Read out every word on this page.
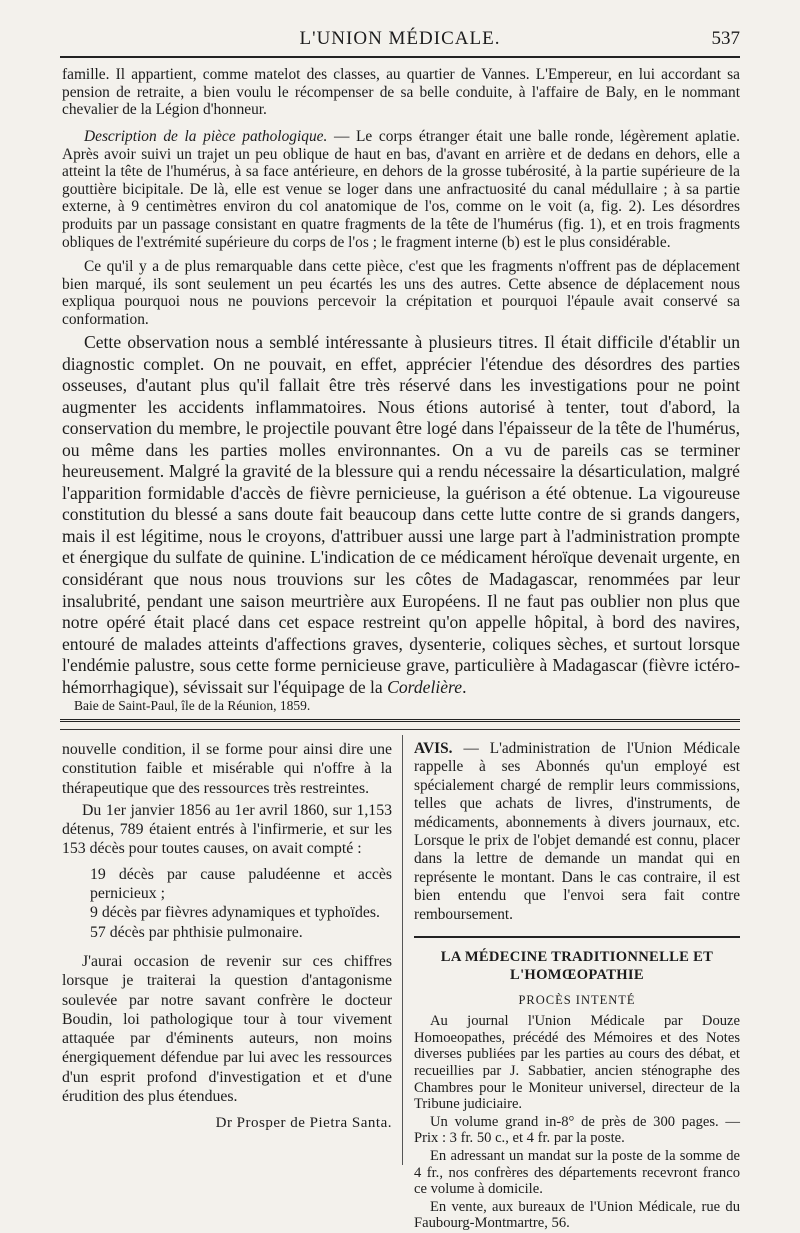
L'UNION MÉDICALE.	537

famille. Il appartient, comme matelot des classes, au quartier de Vannes. L'Empereur, en lui accordant sa pension de retraite, a bien voulu le récompenser de sa belle conduite, à l'affaire de Baly, en le nommant chevalier de la Légion d'honneur.

Description de la pièce pathologique. — Le corps étranger était une balle ronde, légèrement aplatie. Après avoir suivi un trajet un peu oblique de haut en bas, d'avant en arrière et de dedans en dehors, elle a atteint la tête de l'humérus, à sa face antérieure, en dehors de la grosse tubérosité, à la partie supérieure de la gouttière bicipitale. De là, elle est venue se loger dans une anfractuosité du canal médullaire ; à sa partie externe, à 9 centimètres environ du col anatomique de l'os, comme on le voit (a, fig. 2). Les désordres produits par un passage consistant en quatre fragments de la tête de l'humérus (fig. 1), et en trois fragments obliques de l'extrémité supérieure du corps de l'os ; le fragment interne (b) est le plus considérable.

Ce qu'il y a de plus remarquable dans cette pièce, c'est que les fragments n'offrent pas de déplacement bien marqué, ils sont seulement un peu écartés les uns des autres. Cette absence de déplacement nous expliqua pourquoi nous ne pouvions percevoir la crépitation et pourquoi l'épaule avait conservé sa conformation.

Cette observation nous a semblé intéressante à plusieurs titres. Il était difficile d'établir un diagnostic complet. On ne pouvait, en effet, apprécier l'étendue des désordres des parties osseuses, d'autant plus qu'il fallait être très réservé dans les investigations pour ne point augmenter les accidents inflammatoires. Nous étions autorisé à tenter, tout d'abord, la conservation du membre, le projectile pouvant être logé dans l'épaisseur de la tête de l'humérus, ou même dans les parties molles environnantes. On a vu de pareils cas se terminer heureusement. Malgré la gravité de la blessure qui a rendu nécessaire la désarticulation, malgré l'apparition formidable d'accès de fièvre pernicieuse, la guérison a été obtenue. La vigoureuse constitution du blessé a sans doute fait beaucoup dans cette lutte contre de si grands dangers, mais il est légitime, nous le croyons, d'attribuer aussi une large part à l'administration prompte et énergique du sulfate de quinine. L'indication de ce médicament héroïque devenait urgente, en considérant que nous nous trouvions sur les côtes de Madagascar, renommées par leur insalubrité, pendant une saison meurtrière aux Européens. Il ne faut pas oublier non plus que notre opéré était placé dans cet espace restreint qu'on appelle hôpital, à bord des navires, entouré de malades atteints d'affections graves, dysenterie, coliques sèches, et surtout lorsque l'endémie palustre, sous cette forme pernicieuse grave, particulière à Madagascar (fièvre ictéro-hémorrhagique), sévissait sur l'équipage de la Cordelière.

Baie de Saint-Paul, île de la Réunion, 1859.

nouvelle condition, il se forme pour ainsi dire une constitution faible et misérable qui n'offre à la thérapeutique que des ressources très restreintes.

Du 1er janvier 1856 au 1er avril 1860, sur 1,153 détenus, 789 étaient entrés à l'infirmerie, et sur les 153 décès pour toutes causes, on avait compté :

19 décès par cause paludéenne et accès pernicieux ;
9 décès par fièvres adynamiques et typhoïdes.
57 décès par phthisie pulmonaire.

J'aurai occasion de revenir sur ces chiffres lorsque je traiterai la question d'antagonisme soulevée par notre savant confrère le docteur Boudin, loi pathologique tour à tour vivement attaquée par d'éminents auteurs, non moins énergiquement défendue par lui avec les ressources d'un esprit profond d'investigation et et d'une érudition des plus étendues.

Dr Prosper de Pietra Santa.

AVIS. — L'administration de l'Union Médicale rappelle à ses Abonnés qu'un employé est spécialement chargé de remplir leurs commissions, telles que achats de livres, d'instruments, de médicaments, abonnements à divers journaux, etc. Lorsque le prix de l'objet demandé est connu, placer dans la lettre de demande un mandat qui en représente le montant. Dans le cas contraire, il est bien entendu que l'envoi sera fait contre remboursement.

LA MÉDECINE TRADITIONNELLE ET L'HOMŒOPATHIE
PROCÈS INTENTÉ

Au journal l'Union Médicale par Douze Homoeopathes, précédé des Mémoires et des Notes diverses publiées par les parties au cours des débat, et recueillies par J. Sabbatier, ancien sténographe des Chambres pour le Moniteur universel, directeur de la Tribune judiciaire.

Un volume grand in-8° de près de 300 pages. — Prix : 3 fr. 50 c., et 4 fr. par la poste.

En adressant un mandat sur la poste de la somme de 4 fr., nos confrères des départements recevront franco ce volume à domicile.

En vente, aux bureaux de l'Union Médicale, rue du Faubourg-Montmartre, 56.
